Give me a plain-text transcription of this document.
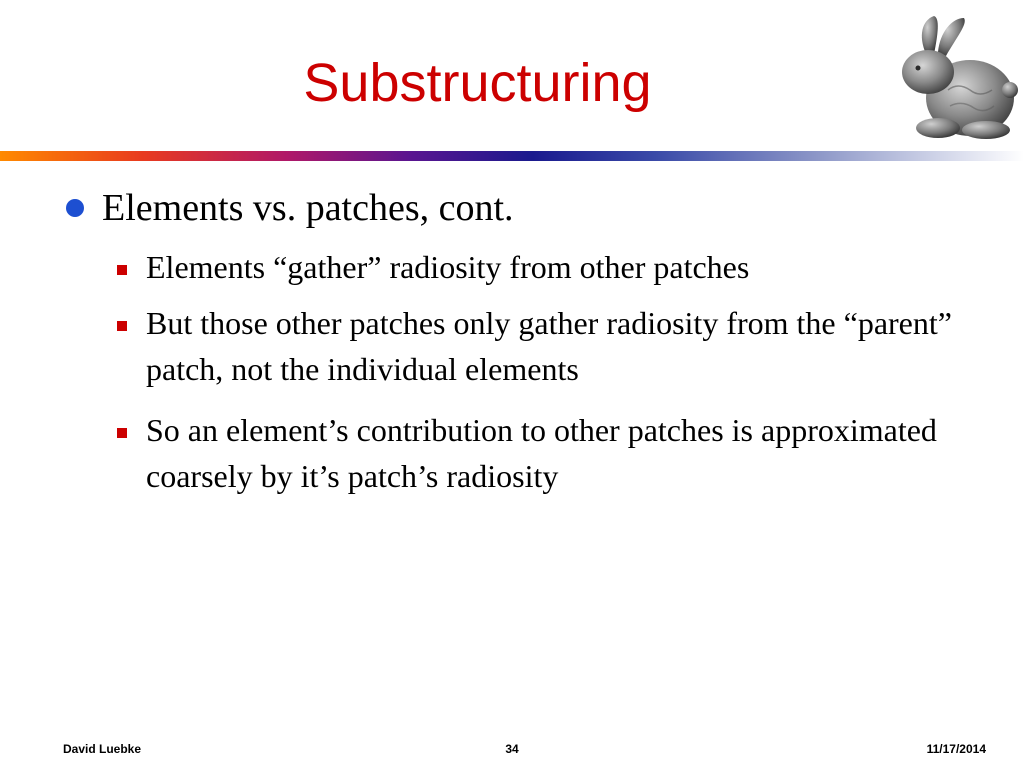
Substructuring
Elements vs. patches, cont.
Elements “gather” radiosity from other patches
But those other patches only gather radiosity from the “parent” patch, not the individual elements
So an element’s contribution to other patches is approximated coarsely by it’s patch’s radiosity
David Luebke	34	11/17/2014
